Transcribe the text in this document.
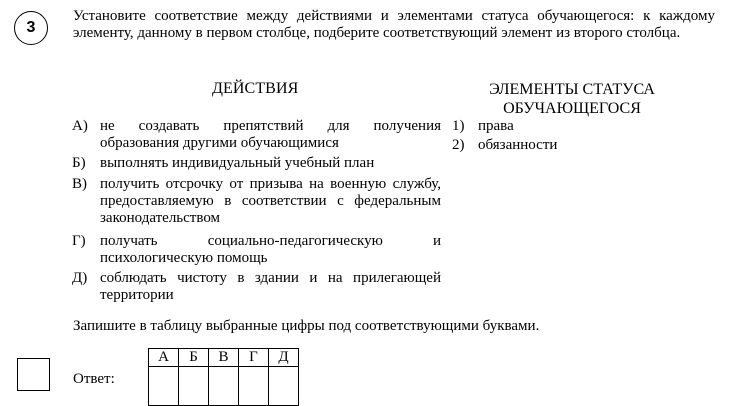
3
Установите соответствие между действиями и элементами статуса обучающегося: к каждому элементу, данному в первом столбце, подберите соответствующий элемент из второго столбца.
ДЕЙСТВИЯ	ЭЛЕМЕНТЫ СТАТУСА
ОБУЧАЮЩЕГОСЯ
А) не создавать препятствий для получения образования другими обучающимися
Б) выполнять индивидуальный учебный план
В) получить отсрочку от призыва на военную службу, предоставляемую в соответствии с федеральным законодательством
Г) получать социально-педагогическую и психологическую помощь
Д) соблюдать чистоту в здании и на прилегающей территории
1) права
2) обязанности
Запишите в таблицу выбранные цифры под соответствующими буквами.
Ответ:
А	Б	В	Г	Д
